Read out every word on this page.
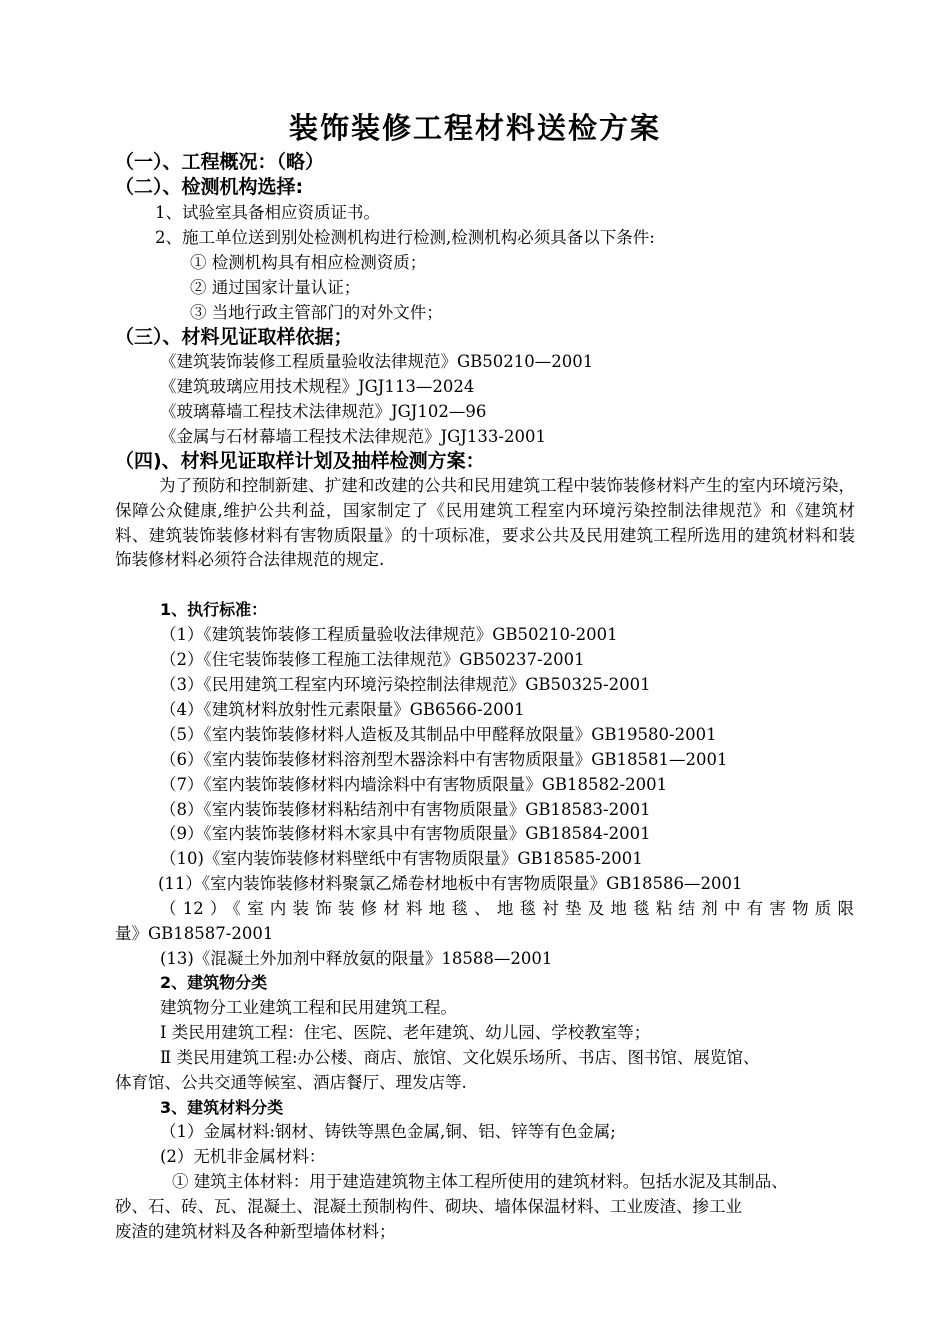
装饰装修工程材料送检方案
（一）、工程概况：（略）
（二）、检测机构选择:
1、试验室具备相应资质证书。
2、施工单位送到别处检测机构进行检测,检测机构必须具备以下条件:
① 检测机构具有相应检测资质；
② 通过国家计量认证；
③ 当地行政主管部门的对外文件；
（三）、材料见证取样依据；
《建筑装饰装修工程质量验收法律规范》GB50210—2001
《建筑玻璃应用技术规程》JGJ113—2024
《玻璃幕墙工程技术法律规范》JGJ102—96
《金属与石材幕墙工程技术法律规范》JGJ133-2001
（四)、材料见证取样计划及抽样检测方案：
为了预防和控制新建、扩建和改建的公共和民用建筑工程中装饰装修材料产生的室内环境污染，保障公众健康,维护公共利益，国家制定了《民用建筑工程室内环境污染控制法律规范》和《建筑材料、建筑装饰装修材料有害物质限量》的十项标准，要求公共及民用建筑工程所选用的建筑材料和装饰装修材料必须符合法律规范的规定.
1、执行标准：
（1）《建筑装饰装修工程质量验收法律规范》GB50210-2001
（2）《住宅装饰装修工程施工法律规范》GB50237-2001
（3）《民用建筑工程室内环境污染控制法律规范》GB50325-2001
（4）《建筑材料放射性元素限量》GB6566-2001
（5）《室内装饰装修材料人造板及其制品中甲醛释放限量》GB19580-2001
（6）《室内装饰装修材料溶剂型木器涂料中有害物质限量》GB18581—2001
（7）《室内装饰装修材料内墙涂料中有害物质限量》GB18582-2001
（8）《室内装饰装修材料粘结剂中有害物质限量》GB18583-2001
（9）《室内装饰装修材料木家具中有害物质限量》GB18584-2001
（10)《室内装饰装修材料壁纸中有害物质限量》GB18585-2001
(11）《室内装饰装修材料聚氯乙烯卷材地板中有害物质限量》GB18586—2001
（12）《室内装饰装修材料地毯、地毯衬垫及地毯粘结剂中有害物质限
量》GB18587-2001
(13)《混凝土外加剂中释放氨的限量》18588—2001
2、建筑物分类
建筑物分工业建筑工程和民用建筑工程。
Ⅰ 类民用建筑工程：住宅、医院、老年建筑、幼儿园、学校教室等；
Ⅱ 类民用建筑工程:办公楼、商店、旅馆、文化娱乐场所、书店、图书馆、展览馆、
体育馆、公共交通等候室、酒店餐厅、理发店等.
3、建筑材料分类
（1）金属材料:钢材、铸铁等黑色金属,铜、铝、锌等有色金属;
(2）无机非金属材料：
① 建筑主体材料：用于建造建筑物主体工程所使用的建筑材料。包括水泥及其制品、
砂、石、砖、瓦、混凝土、混凝土预制构件、砌块、墙体保温材料、工业废渣、掺工业
废渣的建筑材料及各种新型墙体材料；
